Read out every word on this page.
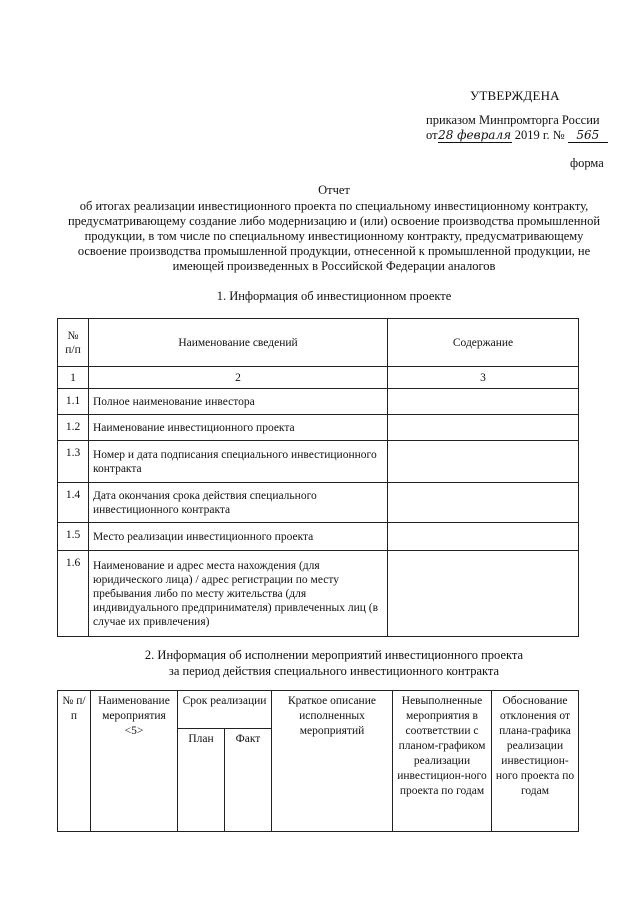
УТВЕРЖДЕНА
приказом Минпромторга России
от28 февраля 2019 г. № 565
форма
Отчет
об итогах реализации инвестиционного проекта по специальному инвестиционному контракту, предусматривающему создание либо модернизацию и (или) освоение производства промышленной продукции, в том числе по специальному инвестиционному контракту, предусматривающему освоение производства промышленной продукции, отнесенной к промышленной продукции, не имеющей произведенных в Российской Федерации аналогов
1. Информация об инвестиционном проекте
№ п/п	Наименование сведений	Содержание
1	2	3
1.1	Полное наименование инвестора	
1.2	Наименование инвестиционного проекта	
1.3	Номер и дата подписания специального инвестиционного контракта	
1.4	Дата окончания срока действия специального инвестиционного контракта	
1.5	Место реализации инвестиционного проекта	
1.6	Наименование и адрес места нахождения (для юридического лица) / адрес регистрации по месту пребывания либо по месту жительства (для индивидуального предпринимателя) привлеченных лиц (в случае их привлечения)	
2. Информация об исполнении мероприятий инвестиционного проекта
за период действия специального инвестиционного контракта
№ п/п	Наименование мероприятия <5>	Срок реализации		Краткое описание исполненных мероприятий	Невыполненные мероприятия в соответствии с планом-графиком реализации инвестицион-ного проекта по годам	Обоснование отклонения от плана-графика реализации инвестицион-ного проекта по годам
		План	Факт			
